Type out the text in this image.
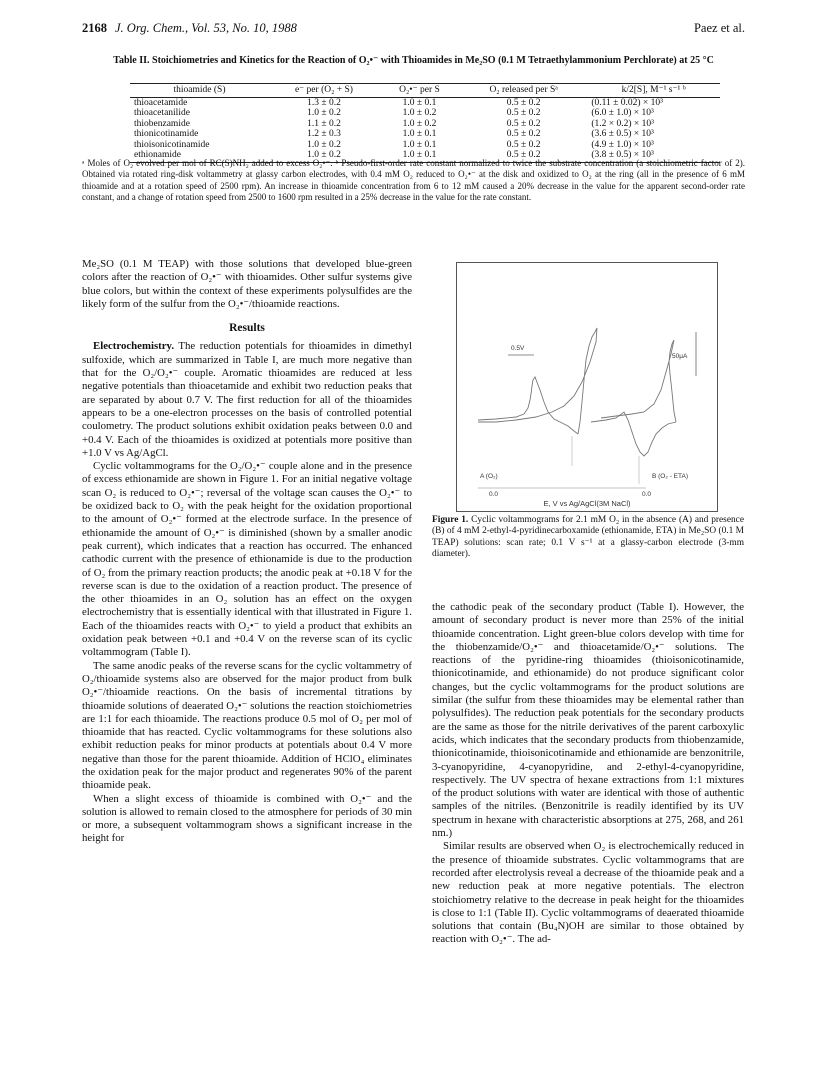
2168 J. Org. Chem., Vol. 53, No. 10, 1988	Paez et al.
Table II. Stoichiometries and Kinetics for the Reaction of O₂•⁻ with Thioamides in Me₂SO (0.1 M Tetraethylammonium Perchlorate) at 25 °C
thioamide (S)	e⁻ per (O₂ + S)	O₂•⁻ per S	O₂ released per Sᵃ	k/2[S], M⁻¹ s⁻¹ ᵇ
thioacetamide	1.3 ± 0.2	1.0 ± 0.1	0.5 ± 0.2	(0.11 ± 0.02) × 10³
thioacetanilide	1.0 ± 0.2	1.0 ± 0.2	0.5 ± 0.2	(6.0 ± 1.0) × 10³
thiobenzamide	1.1 ± 0.2	1.0 ± 0.2	0.5 ± 0.2	(1.2 × 0.2) × 10³
thionicotinamide	1.2 ± 0.3	1.0 ± 0.1	0.5 ± 0.2	(3.6 ± 0.5) × 10³
thioisonicotinamide	1.0 ± 0.2	1.0 ± 0.1	0.5 ± 0.2	(4.9 ± 1.0) × 10³
ethionamide	1.0 ± 0.2	1.0 ± 0.1	0.5 ± 0.2	(3.8 ± 0.5) × 10³
ᵃ Moles of O₂ evolved per mol of RC(S)NH₂ added to excess O₂•⁻. ᵇ Pseudo-first-order rate constant normalized to twice the substrate concentration (a stoichiometric factor of 2). Obtained via rotated ring-disk voltammetry at glassy carbon electrodes, with 0.4 mM O₂ reduced to O₂•⁻ at the disk and oxidized to O₂ at the ring (all in the presence of 6 mM thioamide and at a rotation speed of 2500 rpm). An increase in thioamide concentration from 6 to 12 mM caused a 20% decrease in the value for the apparent second-order rate constant, and a change of rotation speed from 2500 to 1600 rpm resulted in a 25% decrease in the value for the rate constant.

Me₂SO (0.1 M TEAP) with those solutions that developed blue-green colors after the reaction of O₂•⁻ with thioamides. Other sulfur systems give blue colors, but within the context of these experiments polysulfides are the likely form of the sulfur from the O₂•⁻/thioamide reactions.

Results

Electrochemistry. The reduction potentials for thioamides in dimethyl sulfoxide, which are summarized in Table I, are much more negative than that for the O₂/O₂•⁻ couple. Aromatic thioamides are reduced at less negative potentials than thioacetamide and exhibit two reduction peaks that are separated by about 0.7 V. The first reduction for all of the thioamides appears to be a one-electron processes on the basis of controlled potential coulometry. The product solutions exhibit oxidation peaks between 0.0 and +0.4 V. Each of the thioamides is oxidized at potentials more positive than +1.0 V vs Ag/AgCl.

Cyclic voltammograms for the O₂/O₂•⁻ couple alone and in the presence of excess ethionamide are shown in Figure 1. For an initial negative voltage scan O₂ is reduced to O₂•⁻; reversal of the voltage scan causes the O₂•⁻ to be oxidized back to O₂ with the peak height for the oxidation proportional to the amount of O₂•⁻ formed at the electrode surface. In the presence of ethionamide the amount of O₂•⁻ is diminished (shown by a smaller anodic peak current), which indicates that a reaction has occurred. The enhanced cathodic current with the presence of ethionamide is due to the production of O₂ from the primary reaction products; the anodic peak at +0.18 V for the reverse scan is due to the oxidation of a reaction product. The presence of the other thioamides in an O₂ solution has an effect on the oxygen electrochemistry that is essentially identical with that illustrated in Figure 1. Each of the thioamides reacts with O₂•⁻ to yield a product that exhibits an oxidation peak between +0.1 and +0.4 V on the reverse scan of its cyclic voltammogram (Table I).

The same anodic peaks of the reverse scans for the cyclic voltammetry of O₂/thioamide systems also are observed for the major product from bulk O₂•⁻/thioamide reactions. On the basis of incremental titrations by thioamide solutions of deaerated O₂•⁻ solutions the reaction stoichiometries are 1:1 for each thioamide. The reactions produce 0.5 mol of O₂ per mol of thioamide that has reacted. Cyclic voltammograms for these solutions also exhibit reduction peaks for minor products at potentials about 0.4 V more negative than those for the parent thioamide. Addition of HClO₄ eliminates the oxidation peak for the major product and regenerates 90% of the parent thioamide peak.

When a slight excess of thioamide is combined with O₂•⁻ and the solution is allowed to remain closed to the atmosphere for periods of 30 min or more, a subsequent voltammogram shows a significant increase in the height for

0.5V
50μA
A (O₂)	B (O₂ - ETA)
0.0	0.0
E, V vs Ag/AgCl(3M NaCl)
Figure 1. Cyclic voltammograms for 2.1 mM O₂ in the absence (A) and presence (B) of 4 mM 2-ethyl-4-pyridinecarboxamide (ethionamide, ETA) in Me₂SO (0.1 M TEAP) solutions: scan rate; 0.1 V s⁻¹ at a glassy-carbon electrode (3-mm diameter).

the cathodic peak of the secondary product (Table I). However, the amount of secondary product is never more than 25% of the initial thioamide concentration. Light green-blue colors develop with time for the thiobenzamide/O₂•⁻ and thioacetamide/O₂•⁻ solutions. The reactions of the pyridine-ring thioamides (thioisonicotinamide, thionicotinamide, and ethionamide) do not produce significant color changes, but the cyclic voltammograms for the product solutions are similar (the sulfur from these thioamides may be elemental rather than polysulfides). The reduction peak potentials for the secondary products are the same as those for the nitrile derivatives of the parent carboxylic acids, which indicates that the secondary products from thiobenzamide, thionicotinamide, thioisonicotinamide and ethionamide are benzonitrile, 3-cyanopyridine, 4-cyanopyridine, and 2-ethyl-4-cyanopyridine, respectively. The UV spectra of hexane extractions from 1:1 mixtures of the product solutions with water are identical with those of authentic samples of the nitriles. (Benzonitrile is readily identified by its UV spectrum in hexane with characteristic absorptions at 275, 268, and 261 nm.)

Similar results are observed when O₂ is electrochemically reduced in the presence of thioamide substrates. Cyclic voltammograms that are recorded after electrolysis reveal a decrease of the thioamide peak and a new reduction peak at more negative potentials. The electron stoichiometry relative to the decrease in peak height for the thioamides is close to 1:1 (Table II). Cyclic voltammograms of deaerated thioamide solutions that contain (Bu₄N)OH are similar to those obtained by reaction with O₂•⁻. The ad-
